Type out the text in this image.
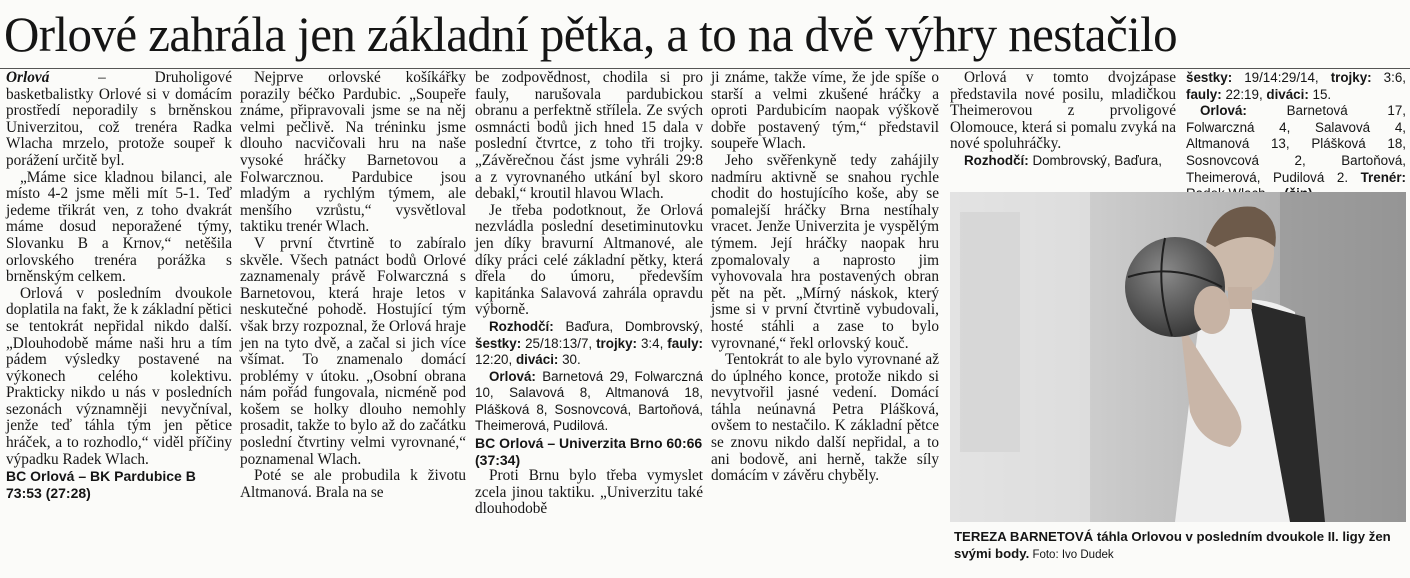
Orlové zahrála jen základní pětka, a to na dvě výhry nestačilo

Orlová – Druholigové basketbalistky Orlové si v domácím prostředí neporadily s brněnskou Univerzitou, což trenéra Radka Wlacha mrzelo, protože soupeř k porážení určitě byl.

„Máme sice kladnou bilanci, ale místo 4-2 jsme měli mít 5-1. Teď jedeme třikrát ven, z toho dvakrát máme dosud neporažené týmy, Slovanku B a Krnov,“ netěšila orlovského trenéra porážka s brněnským celkem.

Orlová v posledním dvoukole doplatila na fakt, že k základní pětici se tentokrát nepřidal nikdo další. „Dlouhodobě máme naši hru a tím pádem výsledky postavené na výkonech celého kolektivu. Prakticky nikdo u nás v posledních sezonách významněji nevyčníval, jenže teď táhla tým jen pětice hráček, a to rozhodlo,“ viděl příčiny výpadku Radek Wlach.

BC Orlová – BK Pardubice B 73:53 (27:28)

Nejprve orlovské košíkářky porazily béčko Pardubic. „Soupeře známe, připravovali jsme se na něj velmi pečlivě. Na tréninku jsme dlouho nacvičovali hru na naše vysoké hráčky Barnetovou a Folwarcznou. Pardubice jsou mladým a rychlým týmem, ale menšího vzrůstu,“ vysvětloval taktiku trenér Wlach.

V první čtvrtině to zabíralo skvěle. Všech patnáct bodů Orlové zaznamenaly právě Folwarczná s Barnetovou, která hraje letos v neskutečné pohodě. Hostující tým však brzy rozpoznal, že Orlová hraje jen na tyto dvě, a začal si jich více všímat. To znamenalo domácí problémy v útoku. „Osobní obrana nám pořád fungovala, nicméně pod košem se holky dlouho nemohly prosadit, takže to bylo až do začátku poslední čtvrtiny velmi vyrovnané,“ poznamenal Wlach.

Poté se ale probudila k životu Altmanová. Brala na se

be zodpovědnost, chodila si pro fauly, narušovala pardubickou obranu a perfektně střílela. Ze svých osmnácti bodů jich hned 15 dala v poslední čtvrtce, z toho tři trojky. „Závěrečnou část jsme vyhráli 29:8 a z vyrovnaného utkání byl skoro debakl,“ kroutil hlavou Wlach.

Je třeba podotknout, že Orlová nezvládla poslední desetiminutovku jen díky bravurní Altmanové, ale díky práci celé základní pětky, která dřela do úmoru, především kapitánka Salavová zahrála opravdu výborně.

Rozhodčí: Baďura, Dombrovský, šestky: 25/18:13/7, trojky: 3:4, fauly: 12:20, diváci: 30.

Orlová: Barnetová 29, Folwarczná 10, Salavová 8, Altmanová 18, Plášková 8, Sosnovcová, Bartoňová, Theimerová, Pudilová.

BC Orlová – Univerzita Brno 60:66 (37:34)

Proti Brnu bylo třeba vymyslet zcela jinou taktiku. „Univerzitu také dlouhodobě

ji známe, takže víme, že jde spíše o starší a velmi zkušené hráčky a oproti Pardubicím naopak výškově dobře postavený tým,“ představil soupeře Wlach.

Jeho svěřenkyně tedy zahájily nadmíru aktivně se snahou rychle chodit do hostujícího koše, aby se pomalejší hráčky Brna nestíhaly vracet. Jenže Univerzita je vyspělým týmem. Její hráčky naopak hru zpomalovaly a naprosto jim vyhovovala hra postavených obran pět na pět. „Mírný náskok, který jsme si v první čtvrtině vybudovali, hosté stáhli a zase to bylo vyrovnané,“ řekl orlovský kouč.

Tentokrát to ale bylo vyrovnané až do úplného konce, protože nikdo si nevytvořil jasné vedení. Domácí táhla neúnavná Petra Plášková, ovšem to nestačilo. K základní pětce se znovu nikdo další nepřidal, a to ani bodově, ani herně, takže síly domácím v závěru chyběly.

Orlová v tomto dvojzápase představila nové posilu, mladičkou Theimerovou z prvoligové Olomouce, která si pomalu zvyká na nové spoluhráčky.

Rozhodčí: Dombrovský, Baďura,

šestky: 19/14:29/14, trojky: 3:6, fauly: 22:19, diváci: 15.

Orlová: Barnetová 17, Folwarczná 4, Salavová 4, Altmanová 13, Plášková 18, Sosnovcová 2, Bartoňová, Theimerová, Pudilová 2. Trenér:

TEREZA BARNETOVÁ táhla Orlovou v posledním dvoukole II. ligy žen svými body. Foto: Ivo Dudek
